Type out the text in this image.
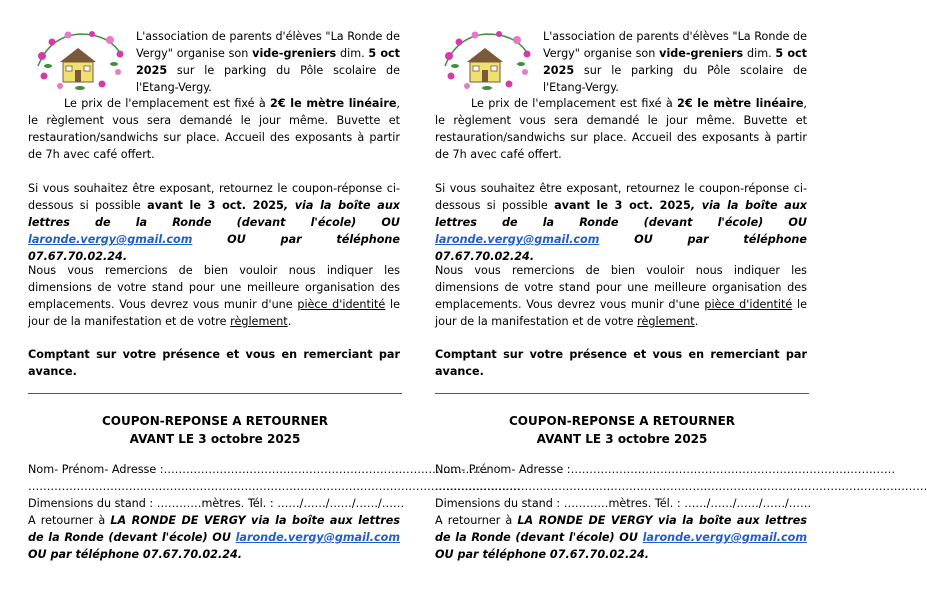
L'association de parents d'élèves "La Ronde de Vergy" organise son vide-greniers dim. 5 oct 2025 sur le parking du Pôle scolaire de l'Etang-Vergy.

Le prix de l'emplacement est fixé à 2€ le mètre linéaire, le règlement vous sera demandé le jour même. Buvette et restauration/sandwichs sur place. Accueil des exposants à partir de 7h avec café offert.

Si vous souhaitez être exposant, retournez le coupon-réponse ci-dessous si possible avant le 3 oct. 2025, via la boîte aux lettres de la Ronde (devant l'école) OU laronde.vergy@gmail.com OU par téléphone 07.67.70.02.24.

Nous vous remercions de bien vouloir nous indiquer les dimensions de votre stand pour une meilleure organisation des emplacements. Vous devrez vous munir d'une pièce d'identité le jour de la manifestation et de votre règlement.

Comptant sur votre présence et vous en remerciant par avance.

COUPON-REPONSE A RETOURNER
AVANT LE 3 octobre 2025
Nom- Prénom- Adresse :……………………………………………………………………………
……………………………………………………………………………………………………………………
Dimensions du stand : …………mètres. Tél. : ……/……/……/……/……

A retourner à LA RONDE DE VERGY via la boîte aux lettres de la Ronde (devant l'école) OU laronde.vergy@gmail.com OU par téléphone 07.67.70.02.24.

L'association de parents d'élèves "La Ronde de Vergy" organise son vide-greniers dim. 5 oct 2025 sur le parking du Pôle scolaire de l'Etang-Vergy.

Le prix de l'emplacement est fixé à 2€ le mètre linéaire, le règlement vous sera demandé le jour même. Buvette et restauration/sandwichs sur place. Accueil des exposants à partir de 7h avec café offert.

Si vous souhaitez être exposant, retournez le coupon-réponse ci-dessous si possible avant le 3 oct. 2025, via la boîte aux lettres de la Ronde (devant l'école) OU laronde.vergy@gmail.com OU par téléphone 07.67.70.02.24.

Nous vous remercions de bien vouloir nous indiquer les dimensions de votre stand pour une meilleure organisation des emplacements. Vous devrez vous munir d'une pièce d'identité le jour de la manifestation et de votre règlement.

Comptant sur votre présence et vous en remerciant par avance.

COUPON-REPONSE A RETOURNER
AVANT LE 3 octobre 2025
Nom- Prénom- Adresse :……………………………………………………………………………
……………………………………………………………………………………………………………………
Dimensions du stand : …………mètres. Tél. : ……/……/……/……/……

A retourner à LA RONDE DE VERGY via la boîte aux lettres de la Ronde (devant l'école) OU laronde.vergy@gmail.com OU par téléphone 07.67.70.02.24.
